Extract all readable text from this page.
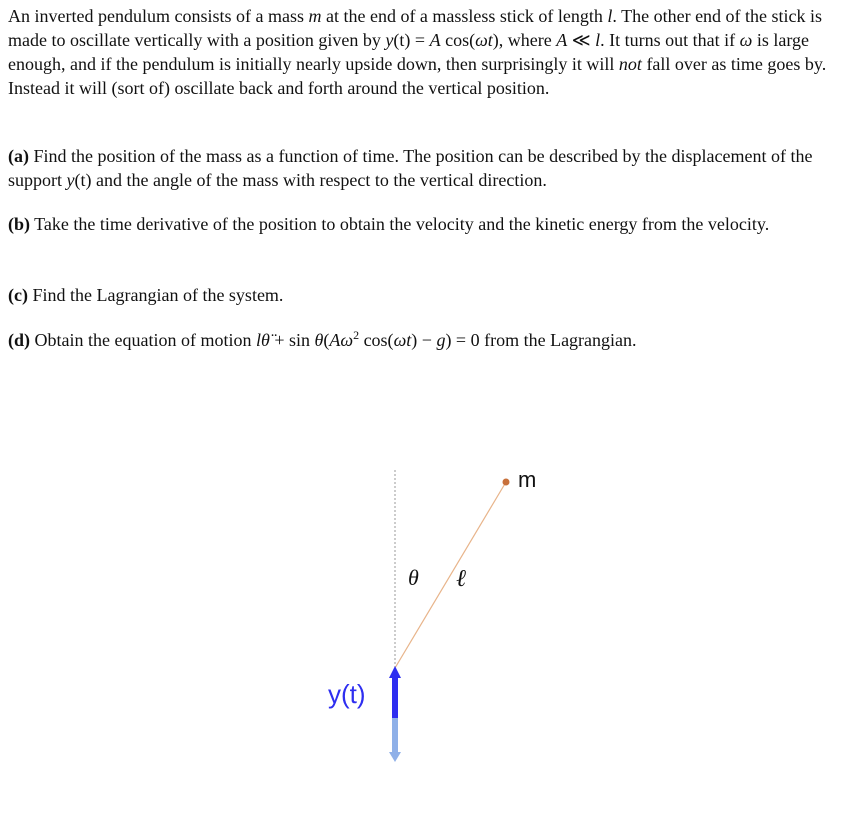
An inverted pendulum consists of a mass m at the end of a massless stick of length l. The other end of the stick is made to oscillate vertically with a position given by y(t) = A cos(ωt), where A ≪ l. It turns out that if ω is large enough, and if the pendulum is initially nearly upside down, then surprisingly it will not fall over as time goes by. Instead it will (sort of) oscillate back and forth around the vertical position.

(a) Find the position of the mass as a function of time. The position can be described by the displacement of the support y(t) and the angle of the mass with respect to the vertical direction.

(b) Take the time derivative of the position to obtain the velocity and the kinetic energy from the velocity.

(c) Find the Lagrangian of the system.

(d) Obtain the equation of motion lθ̈ + $\sin \theta(A\omega^2$ cos(ωt) − g) = 0 from the Lagrangian.

m
θ ℓ
y(t)
